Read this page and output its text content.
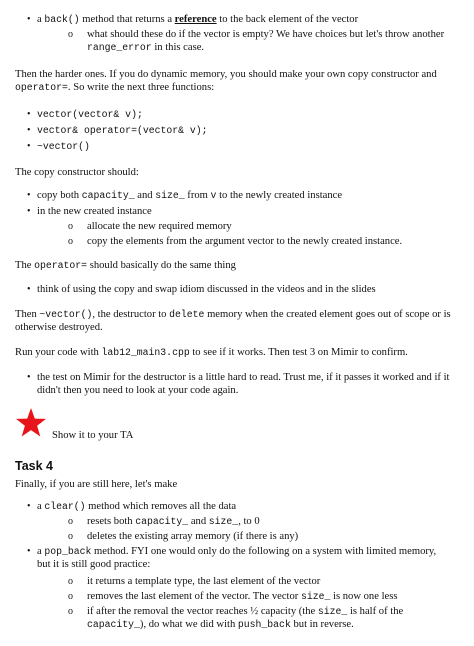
• a back() method that returns a reference to the back element of the vector
o what should these do if the vector is empty? We have choices but let's throw another
range_error in this case.

Then the harder ones. If you do dynamic memory, you should make your own copy constructor and
operator=. So write the next three functions:

• vector(vector& v);
• vector& operator=(vector& v);
• ~vector()

The copy constructor should:

• copy both capacity_ and size_ from v to the newly created instance
• in the new created instance
o allocate the new required memory
o copy the elements from the argument vector to the newly created instance.

The operator= should basically do the same thing

• think of using the copy and swap idiom discussed in the videos and in the slides

Then ~vector(), the destructor to delete memory when the created element goes out of scope or is
otherwise destroyed.

Run your code with lab12_main3.cpp to see if it works. Then test 3 on Mimir to confirm.

• the test on Mimir for the destructor is a little hard to read. Trust me, if it passes it worked and if it
didn't then you need to look at your code again.

Show it to your TA

Task 4

Finally, if you are still here, let's make

• a clear() method which removes all the data
o resets both capacity_ and size_, to 0
o deletes the existing array memory (if there is any)
• a pop_back method. FYI one would only do the following on a system with limited memory,
but it is still good practice:
o it returns a template type, the last element of the vector
o removes the last element of the vector. The vector size_ is now one less
o if after the removal the vector reaches ½ capacity (the size_ is half of the
capacity_), do what we did with push_back but in reverse.
